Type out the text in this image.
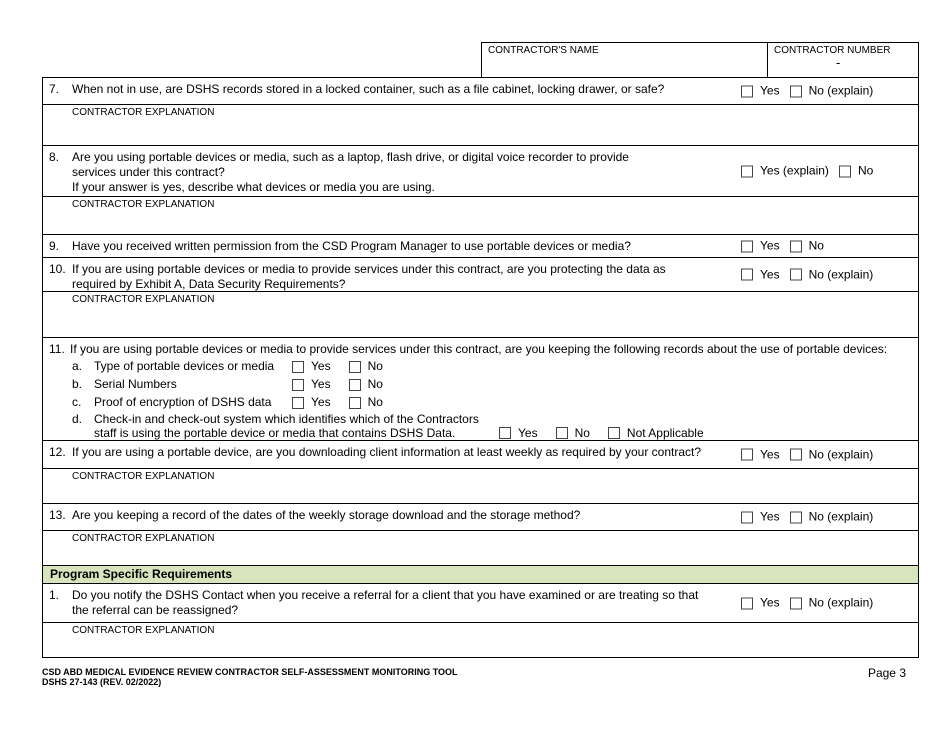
CONTRACTOR'S NAME	CONTRACTOR NUMBER
-
7. When not in use, are DSHS records stored in a locked container, such as a file cabinet, locking drawer, or safe?	Yes No (explain)
CONTRACTOR EXPLANATION
8. Are you using portable devices or media, such as a laptop, flash drive, or digital voice recorder to provide services under this contract?
If your answer is yes, describe what devices or media you are using.
Yes (explain) No
CONTRACTOR EXPLANATION
9. Have you received written permission from the CSD Program Manager to use portable devices or media?	Yes No
10. If you are using portable devices or media to provide services under this contract, are you protecting the data as required by Exhibit A, Data Security Requirements?
Yes No (explain)
CONTRACTOR EXPLANATION
11. If you are using portable devices or media to provide services under this contract, are you keeping the following records about the use of portable devices:
a. Type of portable devices or media	Yes	No
b. Serial Numbers	Yes	No
c.	Proof of encryption of DSHS data	Yes	No
d. Check-in and check-out system which identifies which of the Contractors
staff is using the portable device or media that contains DSHS Data.	Yes	No	Not Applicable
12. If you are using a portable device, are you downloading client information at least weekly as required by your contract?	Yes No (explain)
CONTRACTOR EXPLANATION
13. Are you keeping a record of the dates of the weekly storage download and the storage method?	Yes No (explain)
CONTRACTOR EXPLANATION
Program Specific Requirements
1. Do you notify the DSHS Contact when you receive a referral for a client that you have examined or are treating so that the referral can be reassigned?
Yes No (explain)
CONTRACTOR EXPLANATION
CSD ABD MEDICAL EVIDENCE REVIEW CONTRACTOR SELF-ASSESSMENT MONITORING TOOL
DSHS 27-143 (REV. 02/2022)
Page 3
